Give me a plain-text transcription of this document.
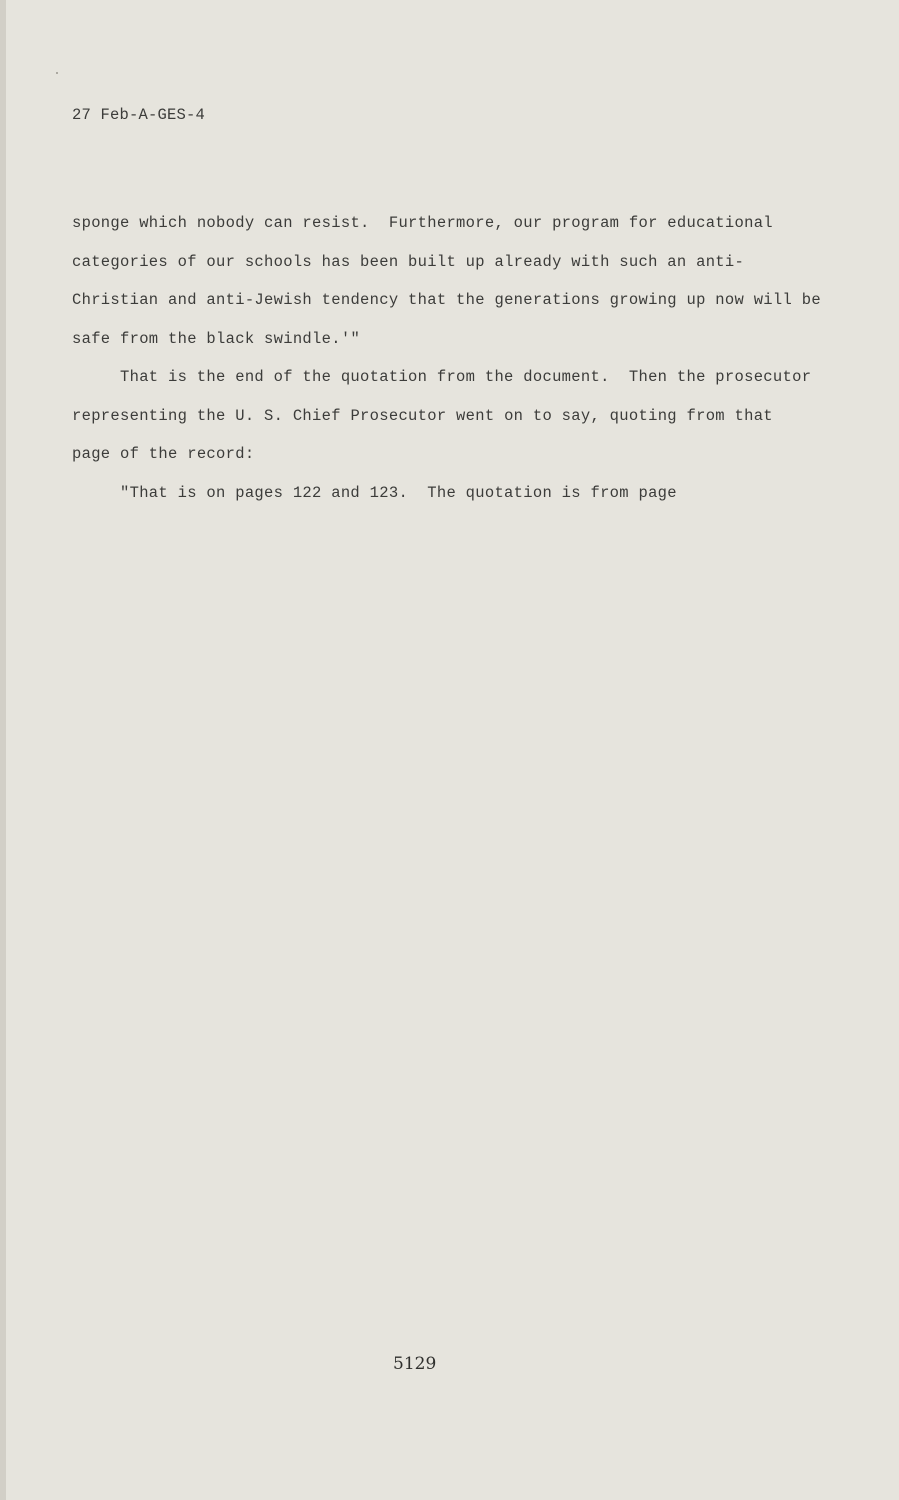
27 Feb-A-GES-4
sponge which nobody can resist.  Furthermore, our program for educational
categories of our schools has been built up already with such an anti-
Christian and anti-Jewish tendency that the generations growing up now will be
safe from the black swindle.'"
That is the end of the quotation from the document.  Then the prosecutor
representing the U. S. Chief Prosecutor went on to say, quoting from that
page of the record:
"That is on pages 122 and 123.  The quotation is from page
5129
